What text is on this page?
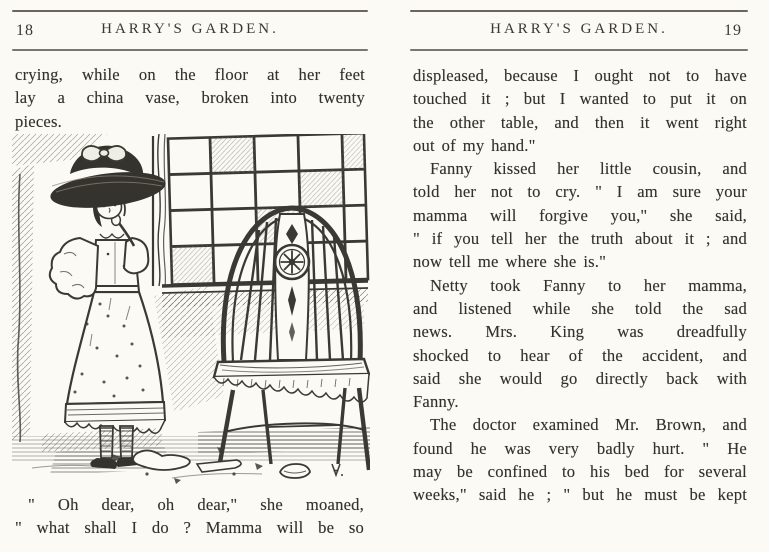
18	HARRY'S GARDEN.
crying, while on the floor at her feet
lay a china vase, broken into twenty
pieces.
" Oh dear, oh dear," she moaned,
" what shall I do ? Mamma will be so
HARRY'S GARDEN.	19
displeased, because I ought not to have
touched it ; but I wanted to put it on
the other table, and then it went right
out of my hand."
Fanny kissed her little cousin, and
told her not to cry. " I am sure your
mamma will forgive you," she said,
" if you tell her the truth about it ; and
now tell me where she is."
Netty took Fanny to her mamma,
and listened while she told the sad
news. Mrs. King was dreadfully
shocked to hear of the accident, and
said she would go directly back with
Fanny.
The doctor examined Mr. Brown, and
found he was very badly hurt. " He
may be confined to his bed for several
weeks," said he ; " but he must be kept
